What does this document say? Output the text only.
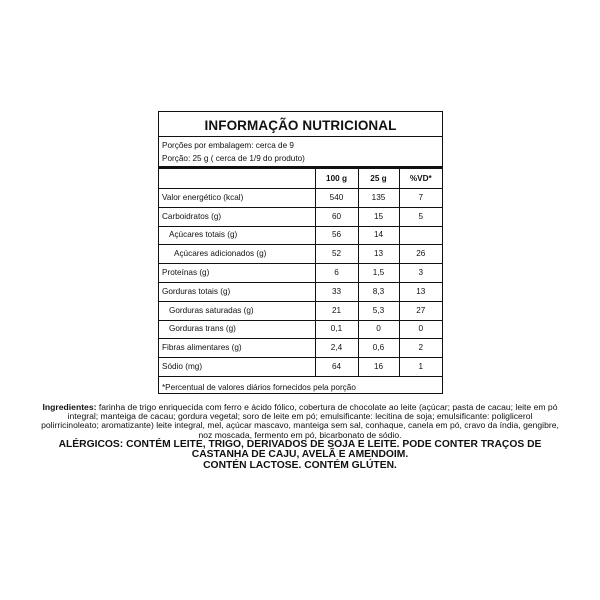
INFORMAÇÃO NUTRICIONAL
Porções por embalagem: cerca de 9
Porção: 25 g ( cerca de 1/9 do produto)
	100 g	25 g	%VD*
Valor energético (kcal)	540	135	7
Carboidratos (g)	60	15	5
Açúcares totais (g)	56	14	
Açúcares adicionados (g)	52	13	26
Proteínas (g)	6	1,5	3
Gorduras totais (g)	33	8,3	13
Gorduras saturadas (g)	21	5,3	27
Gorduras trans (g)	0,1	0	0
Fibras alimentares (g)	2,4	0,6	2
Sódio (mg)	64	16	1
*Percentual de valores diários fornecidos pela porção
Ingredientes: farinha de trigo enriquecida com ferro e ácido fólico, cobertura de chocolate ao leite (açúcar; pasta de cacau; leite em pó integral; manteiga de cacau; gordura vegetal; soro de leite em pó; emulsificante: lecitina de soja; emulsificante: poliglicerol polirricinoleato; aromatizante) leite integral, mel, açúcar mascavo, manteiga sem sal, conhaque, canela em pó, cravo da índia, gengibre, noz moscada, fermento em pó, bicarbonato de sódio.
ALÉRGICOS: CONTÉM LEITE, TRIGO, DERIVADOS DE SOJA E LEITE. PODE CONTER TRAÇOS DE CASTANHA DE CAJU, AVELÃ E AMENDOIM.
CONTÉN LACTOSE. CONTÉM GLÚTEN.
